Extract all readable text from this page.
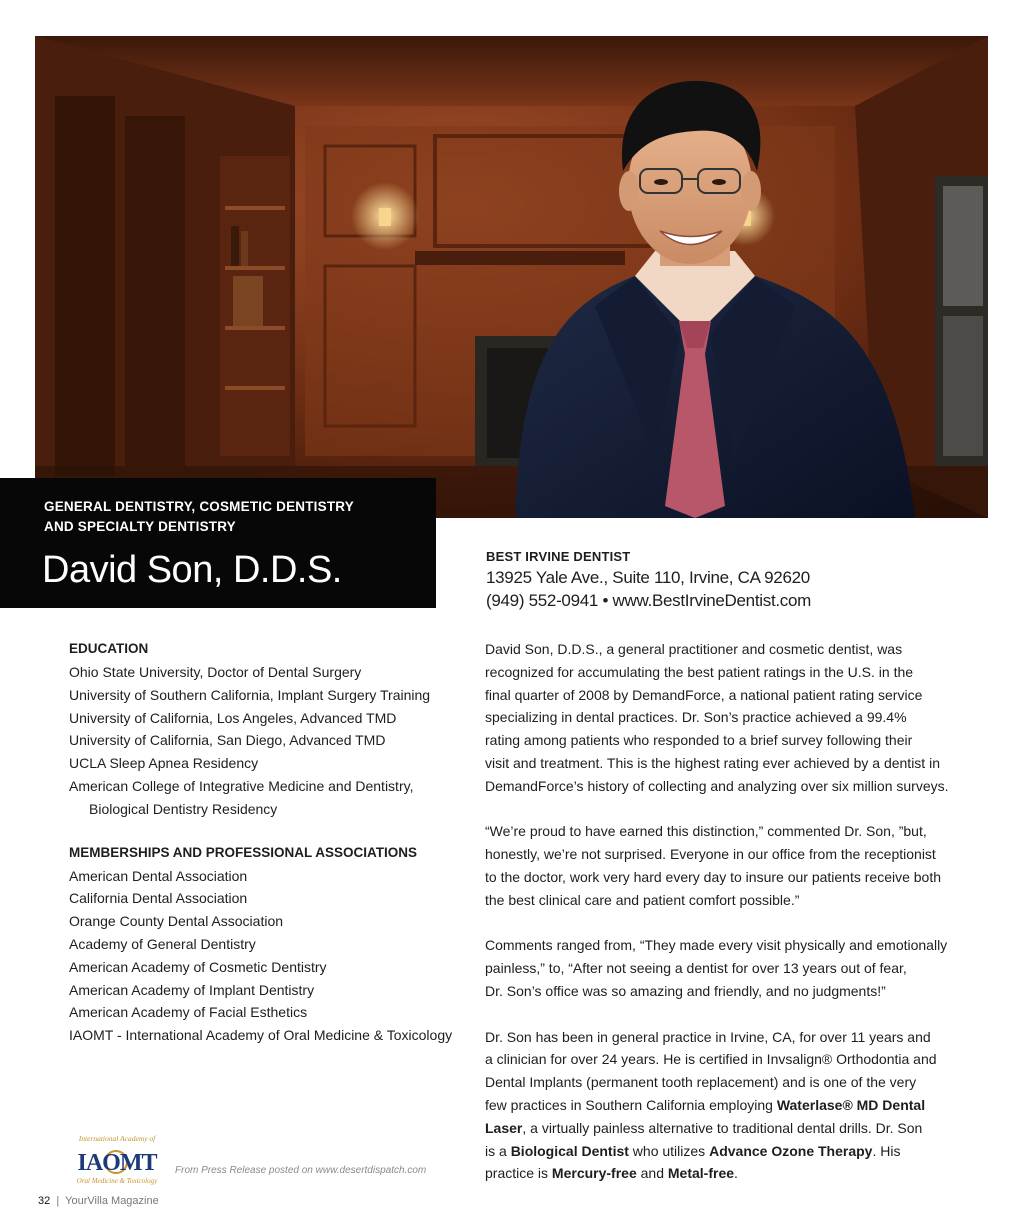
GENERAL DENTISTRY, COSMETIC DENTISTRY
AND SPECIALTY DENTISTRY
David Son, D.D.S.	BEST IRVINE DENTIST
13925 Yale Ave., Suite 110, Irvine, CA 92620
(949) 552-0941 • www.BestIrvineDentist.com
EDUCATION
Ohio State University, Doctor of Dental Surgery
University of Southern California, Implant Surgery Training
University of California, Los Angeles, Advanced TMD
University of California, San Diego, Advanced TMD
UCLA Sleep Apnea Residency
American College of Integrative Medicine and Dentistry,
Biological Dentistry Residency
MEMBERSHIPS AND PROFESSIONAL ASSOCIATIONS
American Dental Association
California Dental Association
Orange County Dental Association
Academy of General Dentistry
American Academy of Cosmetic Dentistry
American Academy of Implant Dentistry
American Academy of Facial Esthetics
IAOMT - International Academy of Oral Medicine & Toxicology

David Son, D.D.S., a general practitioner and cosmetic dentist, was
recognized for accumulating the best patient ratings in the U.S. in the
final quarter of 2008 by DemandForce, a national patient rating service
specializing in dental practices. Dr. Son’s practice achieved a 99.4%
rating among patients who responded to a brief survey following their
visit and treatment. This is the highest rating ever achieved by a dentist in
DemandForce’s history of collecting and analyzing over six million surveys.

“We’re proud to have earned this distinction,” commented Dr. Son, ”but,
honestly, we’re not surprised. Everyone in our office from the receptionist
to the doctor, work very hard every day to insure our patients receive both
the best clinical care and patient comfort possible.”

Comments ranged from, “They made every visit physically and emotionally
painless,” to, “After not seeing a dentist for over 13 years out of fear,
Dr. Son’s office was so amazing and friendly, and no judgments!”

Dr. Son has been in general practice in Irvine, CA, for over 11 years and
a clinician for over 24 years. He is certified in Invsalign® Orthodontia and
Dental Implants (permanent tooth replacement) and is one of the very
few practices in Southern California employing Waterlase® MD Dental
Laser, a virtually painless alternative to traditional dental drills. Dr. Son
is a Biological Dentist who utilizes Advance Ozone Therapy. His
practice is Mercury-free and Metal-free.

International Academy of
IAOMT
Oral Medicine & Toxicology
From Press Release posted on www.desertdispatch.com
32 | YourVilla Magazine
